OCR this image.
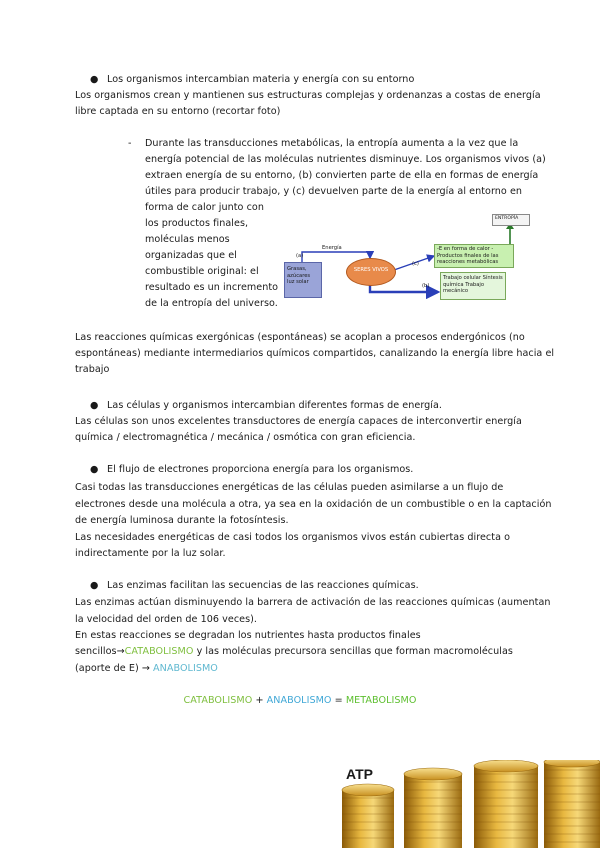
● Los organismos intercambian materia y energía con su entorno
Los organismos crean y mantienen sus estructuras complejas y ordenanzas a costas de energía
libre captada en su entorno (recortar foto)
- Durante las transducciones metabólicas, la entropía aumenta a la vez que la
energía potencial de las moléculas nutrientes disminuye. Los organismos vivos (a)
extraen energía de su entorno, (b) convierten parte de ella en formas de energía
útiles para producir trabajo, y (c) devuelven parte de la energía al entorno en
forma de calor junto con
los productos finales,
moléculas menos
organizadas que el
combustible original: el
resultado es un incremento
de la entropía del universo.
ENTROPÍA
Energía
(a)
(c)
(b)
Grasas, azúcares luz solar
SERES VIVOS
-E en forma de calor -Productos finales de las reacciones metabólicas
Trabajo celular Síntesis química Trabajo mecánico
Las reacciones químicas exergónicas (espontáneas) se acoplan a procesos endergónicos (no
espontáneas) mediante intermediarios químicos compartidos, canalizando la energía libre hacia el
trabajo
● Las células y organismos intercambian diferentes formas de energía.
Las células son unos excelentes transductores de energía capaces de interconvertir energía
química / electromagnética / mecánica / osmótica con gran eficiencia.
● El flujo de electrones proporciona energía para los organismos.
Casi todas las transducciones energéticas de las células pueden asimilarse a un flujo de
electrones desde una molécula a otra, ya sea en la oxidación de un combustible o en la captación
de energía luminosa durante la fotosíntesis.
Las necesidades energéticas de casi todos los organismos vivos están cubiertas directa o
indirectamente por la luz solar.
● Las enzimas facilitan las secuencias de las reacciones químicas.
Las enzimas actúan disminuyendo la barrera de activación de las reacciones químicas (aumentan
la velocidad del orden de 106 veces).
En estas reacciones se degradan los nutrientes hasta productos finales
sencillos→CATABOLISMO y las moléculas precursora sencillas que forman macromoléculas
(aporte de E) → ANABOLISMO
CATABOLISMO + ANABOLISMO = METABOLISMO
ATP
